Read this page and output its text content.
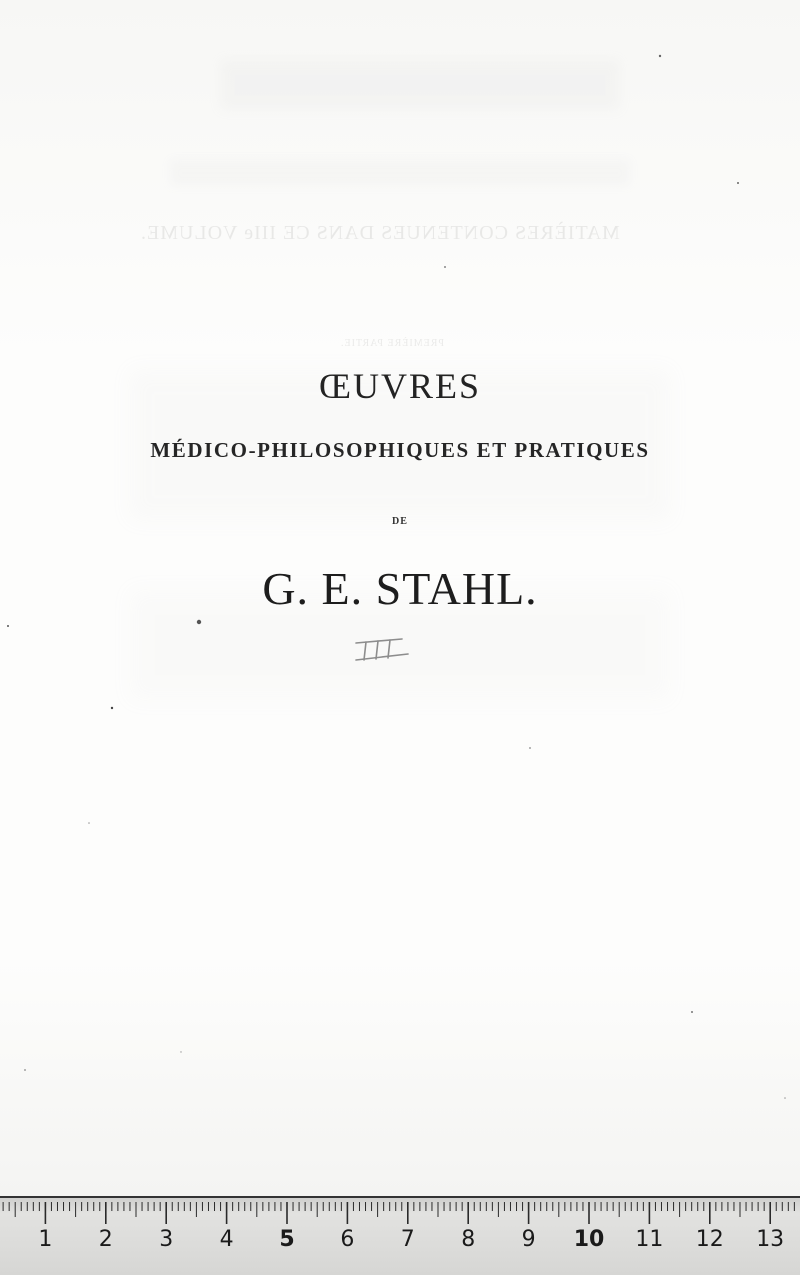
MATIÈRES CONTENUES DANS CE IIIe VOLUME.
PREMIÈRE PARTIE.
ŒUVRES
MÉDICO-PHILOSOPHIQUES ET PRATIQUES
DE
G. E. STAHL.
1 2 3 4 5 6 7 8 9 10 11 12 13
